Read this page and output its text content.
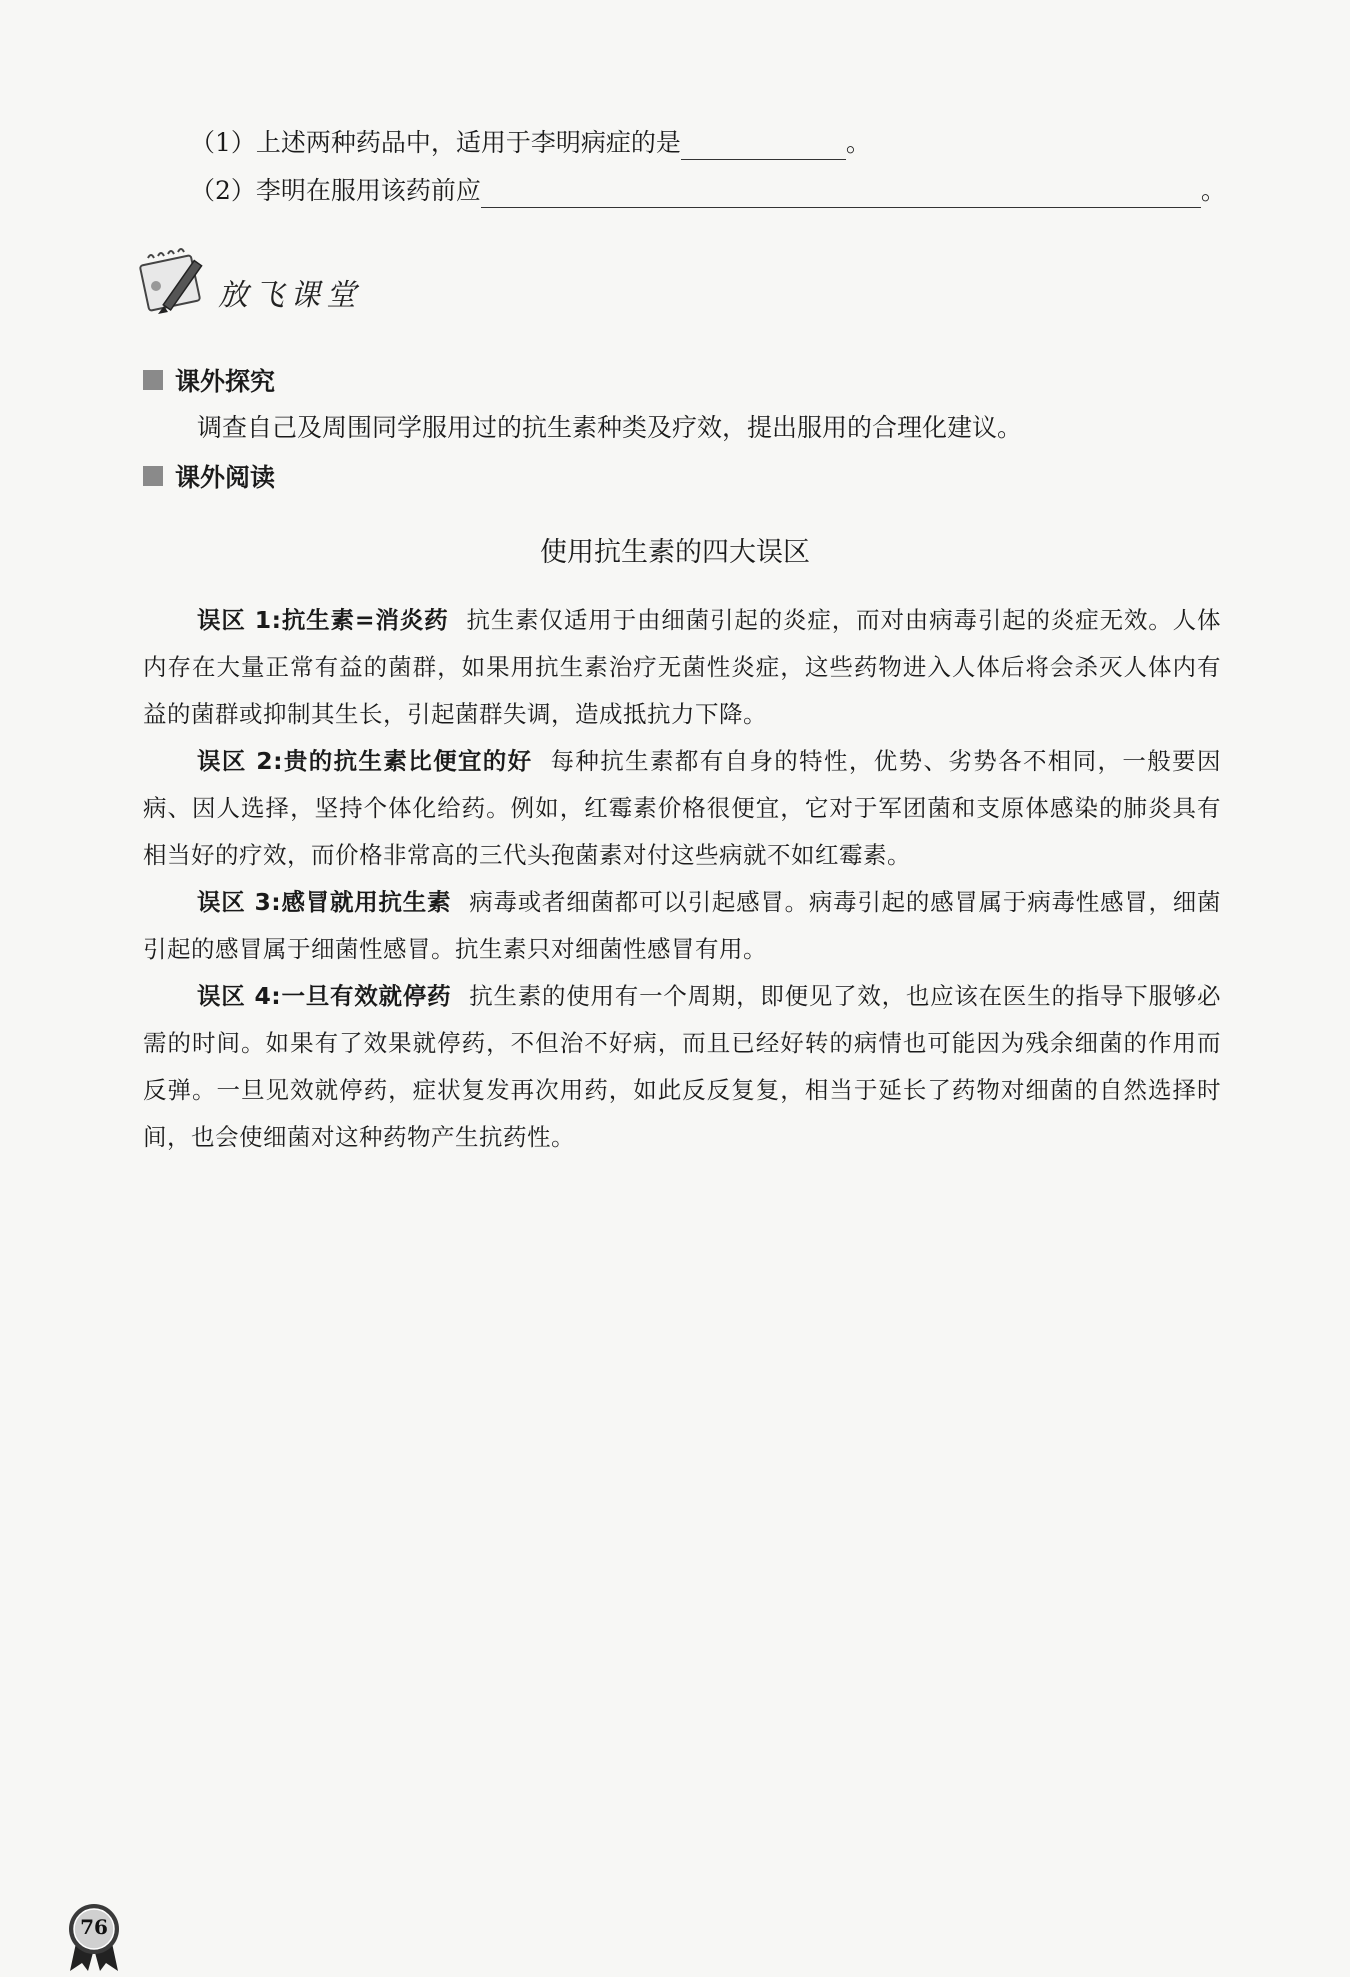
（1）上述两种药品中，适用于李明病症的是	。
（2）李明在服用该药前应	。
放飞课堂
课外探究
调查自己及周围同学服用过的抗生素种类及疗效，提出服用的合理化建议。
课外阅读
使用抗生素的四大误区
误区 1:抗生素=消炎药 抗生素仅适用于由细菌引起的炎症，而对由病毒引起的炎症无效。人体内存在大量正常有益的菌群，如果用抗生素治疗无菌性炎症，这些药物进入人体后将会杀灭人体内有益的菌群或抑制其生长，引起菌群失调，造成抵抗力下降。
误区 2:贵的抗生素比便宜的好 每种抗生素都有自身的特性，优势、劣势各不相同，一般要因病、因人选择，坚持个体化给药。例如，红霉素价格很便宜，它对于军团菌和支原体感染的肺炎具有相当好的疗效，而价格非常高的三代头孢菌素对付这些病就不如红霉素。
误区 3:感冒就用抗生素 病毒或者细菌都可以引起感冒。病毒引起的感冒属于病毒性感冒，细菌引起的感冒属于细菌性感冒。抗生素只对细菌性感冒有用。
误区 4:一旦有效就停药 抗生素的使用有一个周期，即便见了效，也应该在医生的指导下服够必需的时间。如果有了效果就停药，不但治不好病，而且已经好转的病情也可能因为残余细菌的作用而反弹。一旦见效就停药，症状复发再次用药，如此反反复复，相当于延长了药物对细菌的自然选择时间，也会使细菌对这种药物产生抗药性。
76
